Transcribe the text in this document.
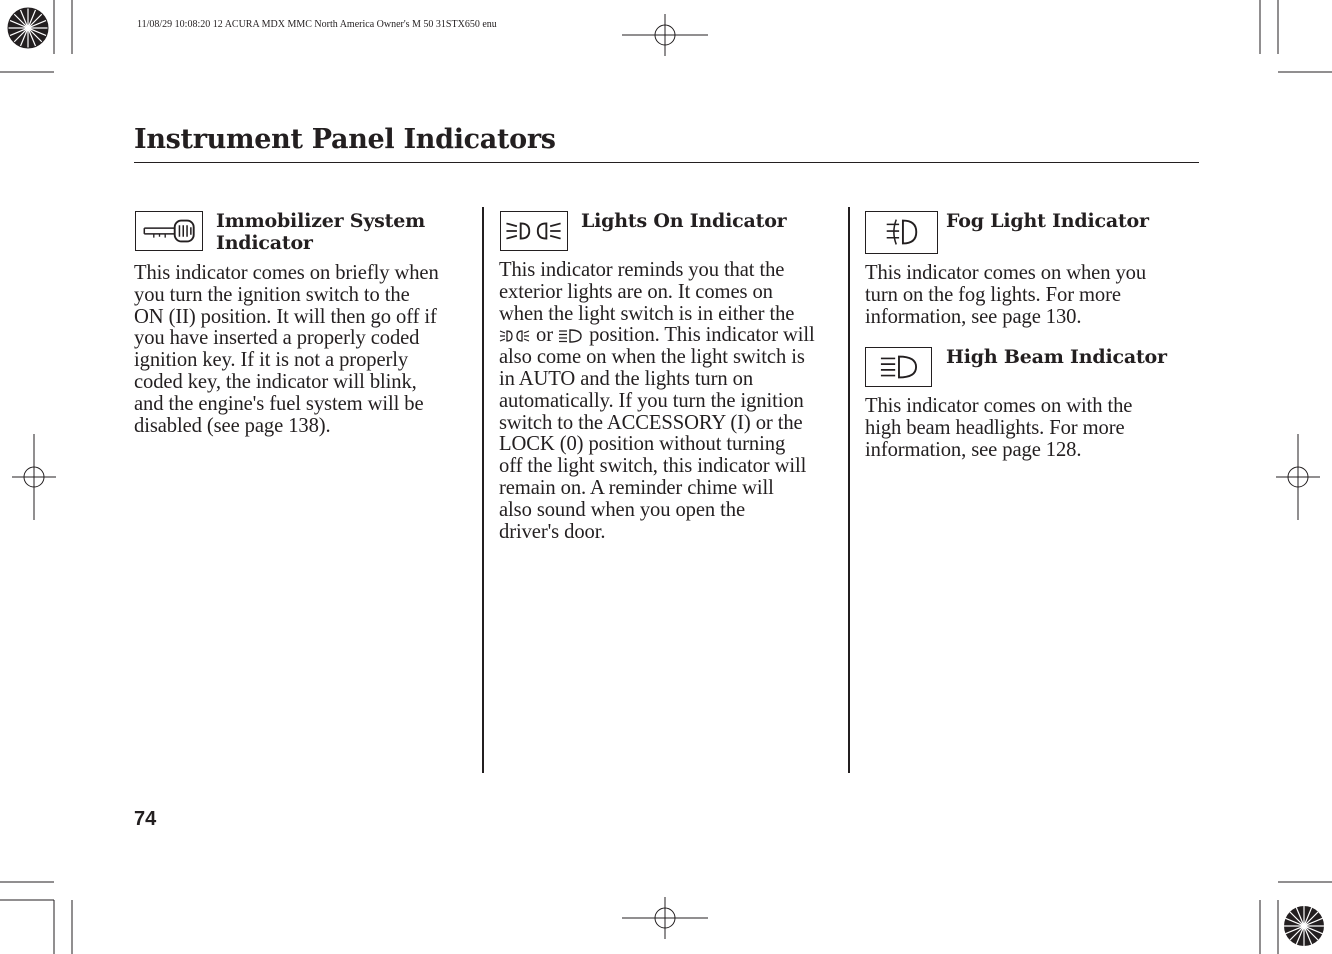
11/08/29 10:08:20 12 ACURA MDX MMC North America Owner's M 50 31STX650 enu
Instrument Panel Indicators
Immobilizer System
Indicator
This indicator comes on briefly when
you turn the ignition switch to the
ON (II) position. It will then go off if
you have inserted a properly coded
ignition key. If it is not a properly
coded key, the indicator will blink,
and the engine's fuel system will be
disabled (see page 138).
Lights On Indicator
This indicator reminds you that the
exterior lights are on. It comes on
when the light switch is in either the
or  position. This indicator will
also come on when the light switch is
in AUTO and the lights turn on
automatically. If you turn the ignition
switch to the ACCESSORY (I) or the
LOCK (0) position without turning
off the light switch, this indicator will
remain on. A reminder chime will
also sound when you open the
driver's door.
Fog Light Indicator
This indicator comes on when you
turn on the fog lights. For more
information, see page 130.
High Beam Indicator
This indicator comes on with the
high beam headlights. For more
information, see page 128.
74
